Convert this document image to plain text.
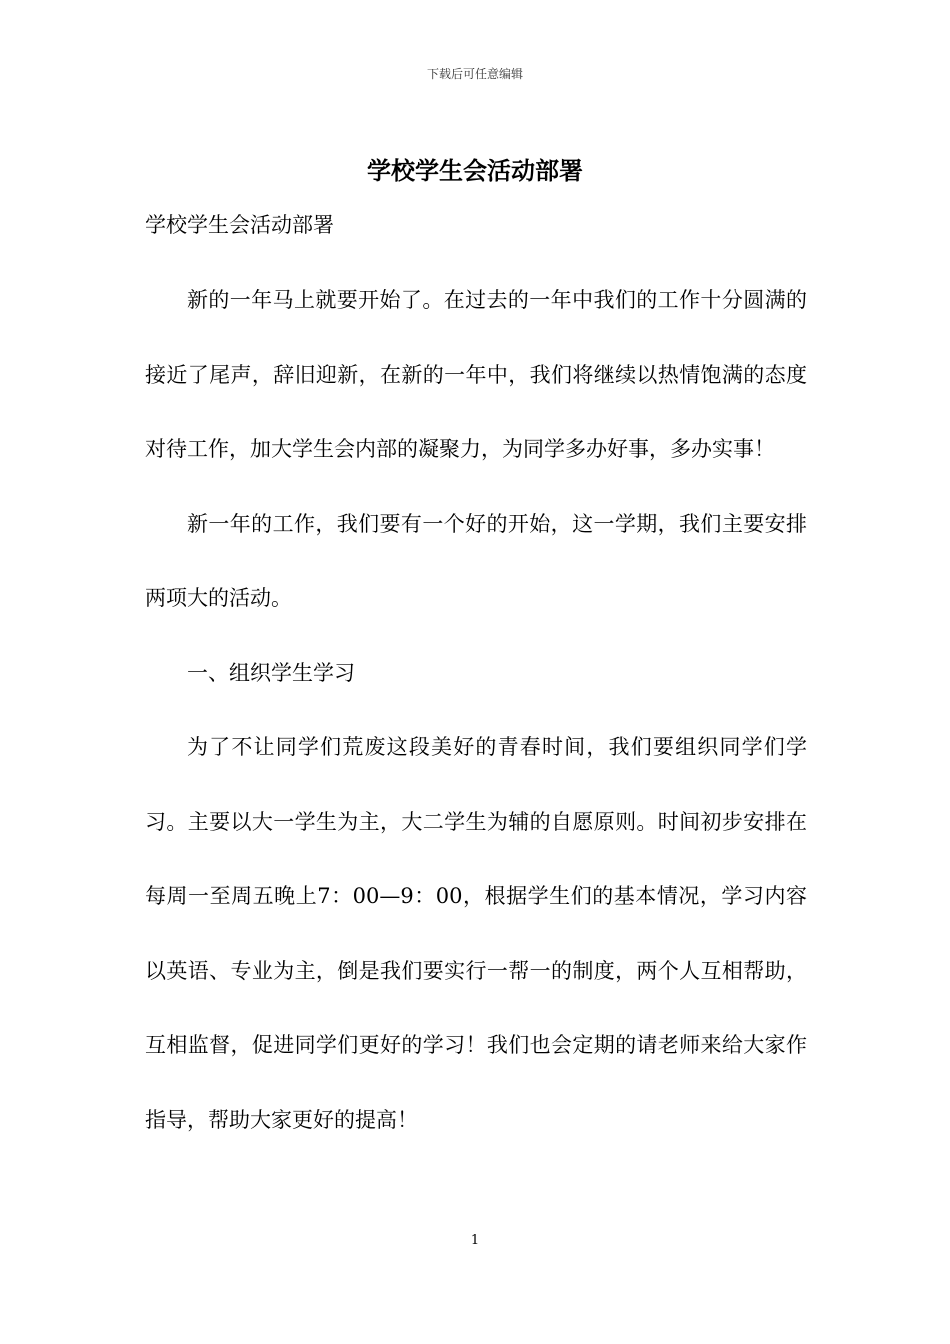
下载后可任意编辑
学校学生会活动部署

学校学生会活动部署

新的一年马上就要开始了。在过去的一年中我们的工作十分圆满的接近了尾声，辞旧迎新，在新的一年中，我们将继续以热情饱满的态度对待工作，加大学生会内部的凝聚力，为同学多办好事，多办实事！

新一年的工作，我们要有一个好的开始，这一学期，我们主要安排两项大的活动。

一、组织学生学习

为了不让同学们荒废这段美好的青春时间，我们要组织同学们学习。主要以大一学生为主，大二学生为辅的自愿原则。时间初步安排在每周一至周五晚上7：00—9：00，根据学生们的基本情况，学习内容以英语、专业为主，倒是我们要实行一帮一的制度，两个人互相帮助，互相监督，促进同学们更好的学习！我们也会定期的请老师来给大家作指导，帮助大家更好的提高！

1
